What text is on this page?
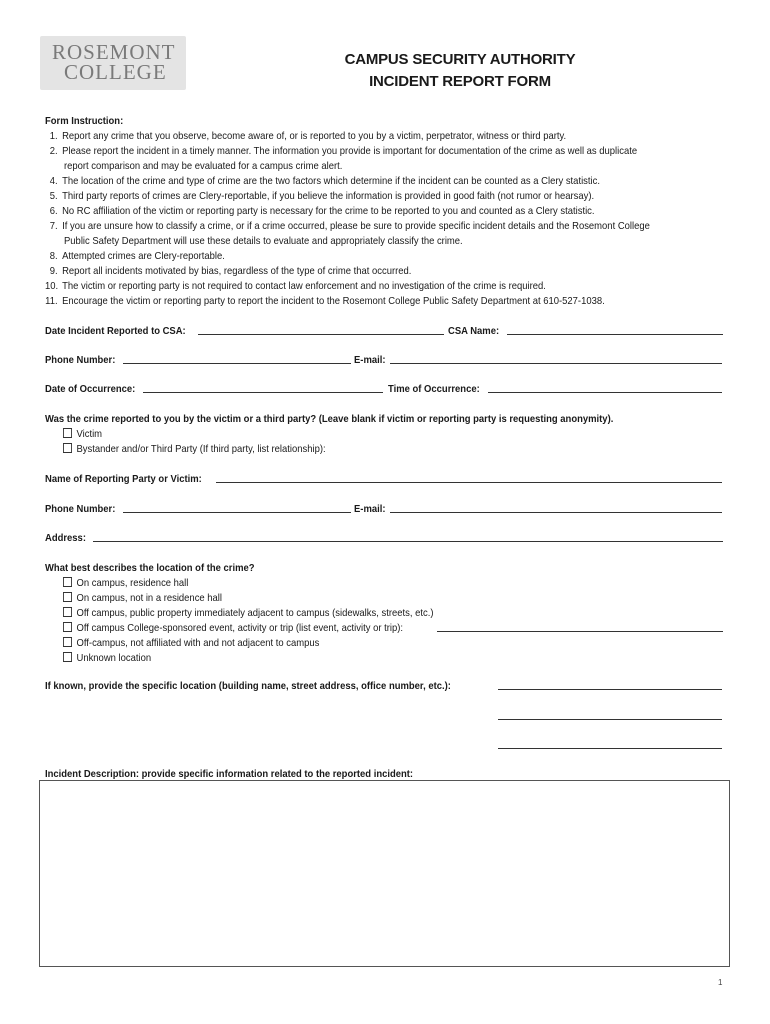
ROSEMONT
COLLEGE
CAMPUS SECURITY AUTHORITY
INCIDENT REPORT FORM
Form Instruction:
1. Report any crime that you observe, become aware of, or is reported to you by a victim, perpetrator, witness or third party.
2. Please report the incident in a timely manner. The information you provide is important for documentation of the crime as well as duplicate
report comparison and may be evaluated for a campus crime alert.
4. The location of the crime and type of crime are the two factors which determine if the incident can be counted as a Clery statistic.
5. Third party reports of crimes are Clery-reportable, if you believe the information is provided in good faith (not rumor or hearsay).
6. No RC affiliation of the victim or reporting party is necessary for the crime to be reported to you and counted as a Clery statistic.
7. If you are unsure how to classify a crime, or if a crime occurred, please be sure to provide specific incident details and the Rosemont College
Public Safety Department will use these details to evaluate and appropriately classify the crime.
8. Attempted crimes are Clery-reportable.
9. Report all incidents motivated by bias, regardless of the type of crime that occurred.
10. The victim or reporting party is not required to contact law enforcement and no investigation of the crime is required.
11. Encourage the victim or reporting party to report the incident to the Rosemont College Public Safety Department at 610-527-1038.
Date Incident Reported to CSA:	CSA Name:
Phone Number:	E-mail:
Date of Occurrence:	Time of Occurrence:
Was the crime reported to you by the victim or a third party? (Leave blank if victim or reporting party is requesting anonymity).
Victim
Bystander and/or Third Party (If third party, list relationship):
Name of Reporting Party or Victim:
Phone Number:	E-mail:
Address:
What best describes the location of the crime?
On campus, residence hall
On campus, not in a residence hall
Off campus, public property immediately adjacent to campus (sidewalks, streets, etc.)
Off campus College-sponsored event, activity or trip (list event, activity or trip):
Off-campus, not affiliated with and not adjacent to campus
Unknown location
If known, provide the specific location (building name, street address, office number, etc.):
Incident Description: provide specific information related to the reported incident:
1
